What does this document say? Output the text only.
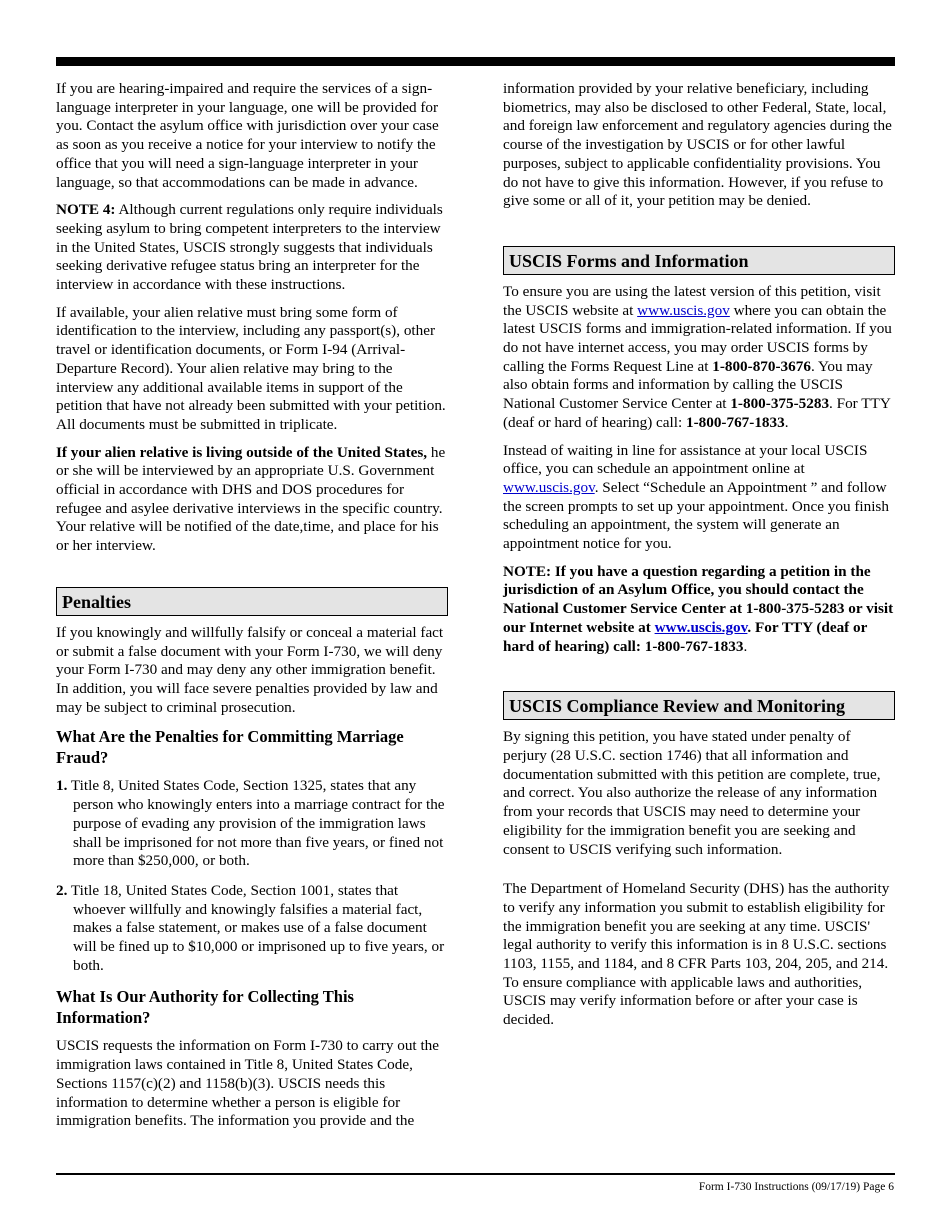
If you are hearing-impaired and require the services of a sign-language interpreter in your language, one will be provided for you. Contact the asylum office with jurisdiction over your case as soon as you receive a notice for your interview to notify the office that you will need a sign-language interpreter in your language, so that accommodations can be made in advance.

NOTE 4: Although current regulations only require individuals seeking asylum to bring competent interpreters to the interview in the United States, USCIS strongly suggests that individuals seeking derivative refugee status bring an interpreter for the interview in accordance with these instructions.

If available, your alien relative must bring some form of identification to the interview, including any passport(s), other travel or identification documents, or Form I-94 (Arrival-Departure Record). Your alien relative may bring to the interview any additional available items in support of the petition that have not already been submitted with your petition. All documents must be submitted in triplicate.

If your alien relative is living outside of the United States, he or she will be interviewed by an appropriate U.S. Government official in accordance with DHS and DOS procedures for refugee and asylee derivative interviews in the specific country. Your relative will be notified of the date,time, and place for his or her interview.

Penalties

If you knowingly and willfully falsify or conceal a material fact or submit a false document with your Form I-730, we will deny your Form I-730 and may deny any other immigration benefit. In addition, you will face severe penalties provided by law and may be subject to criminal prosecution.

What Are the Penalties for Committing Marriage Fraud?

1. Title 8, United States Code, Section 1325, states that any person who knowingly enters into a marriage contract for the purpose of evading any provision of the immigration laws shall be imprisoned for not more than five years, or fined not more than $250,000, or both.

2. Title 18, United States Code, Section 1001, states that whoever willfully and knowingly falsifies a material fact, makes a false statement, or makes use of a false document will be fined up to $10,000 or imprisoned up to five years, or both.

What Is Our Authority for Collecting This Information?

USCIS requests the information on Form I-730 to carry out the immigration laws contained in Title 8, United States Code, Sections 1157(c)(2) and 1158(b)(3). USCIS needs this information to determine whether a person is eligible for immigration benefits. The information you provide and the

information provided by your relative beneficiary, including biometrics, may also be disclosed to other Federal, State, local, and foreign law enforcement and regulatory agencies during the course of the investigation by USCIS or for other lawful purposes, subject to applicable confidentiality provisions. You do not have to give this information. However, if you refuse to give some or all of it, your petition may be denied.

USCIS Forms and Information

To ensure you are using the latest version of this petition, visit the USCIS website at www.uscis.gov where you can obtain the latest USCIS forms and immigration-related information. If you do not have internet access, you may order USCIS forms by calling the Forms Request Line at 1-800-870-3676. You may also obtain forms and information by calling the USCIS National Customer Service Center at 1-800-375-5283. For TTY (deaf or hard of hearing) call: 1-800-767-1833.

Instead of waiting in line for assistance at your local USCIS office, you can schedule an appointment online at www.uscis.gov. Select “Schedule an Appointment ” and follow the screen prompts to set up your appointment. Once you finish scheduling an appointment, the system will generate an appointment notice for you.

NOTE: If you have a question regarding a petition in the jurisdiction of an Asylum Office, you should contact the National Customer Service Center at 1-800-375-5283 or visit our Internet website at www.uscis.gov. For TTY (deaf or hard of hearing) call: 1-800-767-1833.

USCIS Compliance Review and Monitoring

By signing this petition, you have stated under penalty of perjury (28 U.S.C. section 1746) that all information and documentation submitted with this petition are complete, true, and correct. You also authorize the release of any information from your records that USCIS may need to determine your eligibility for the immigration benefit you are seeking and consent to USCIS verifying such information.

The Department of Homeland Security (DHS) has the authority to verify any information you submit to establish eligibility for the immigration benefit you are seeking at any time. USCIS' legal authority to verify this information is in 8 U.S.C. sections 1103, 1155, and 1184, and 8 CFR Parts 103, 204, 205, and 214. To ensure compliance with applicable laws and authorities, USCIS may verify information before or after your case is decided.

Form I-730 Instructions (09/17/19) Page 6
